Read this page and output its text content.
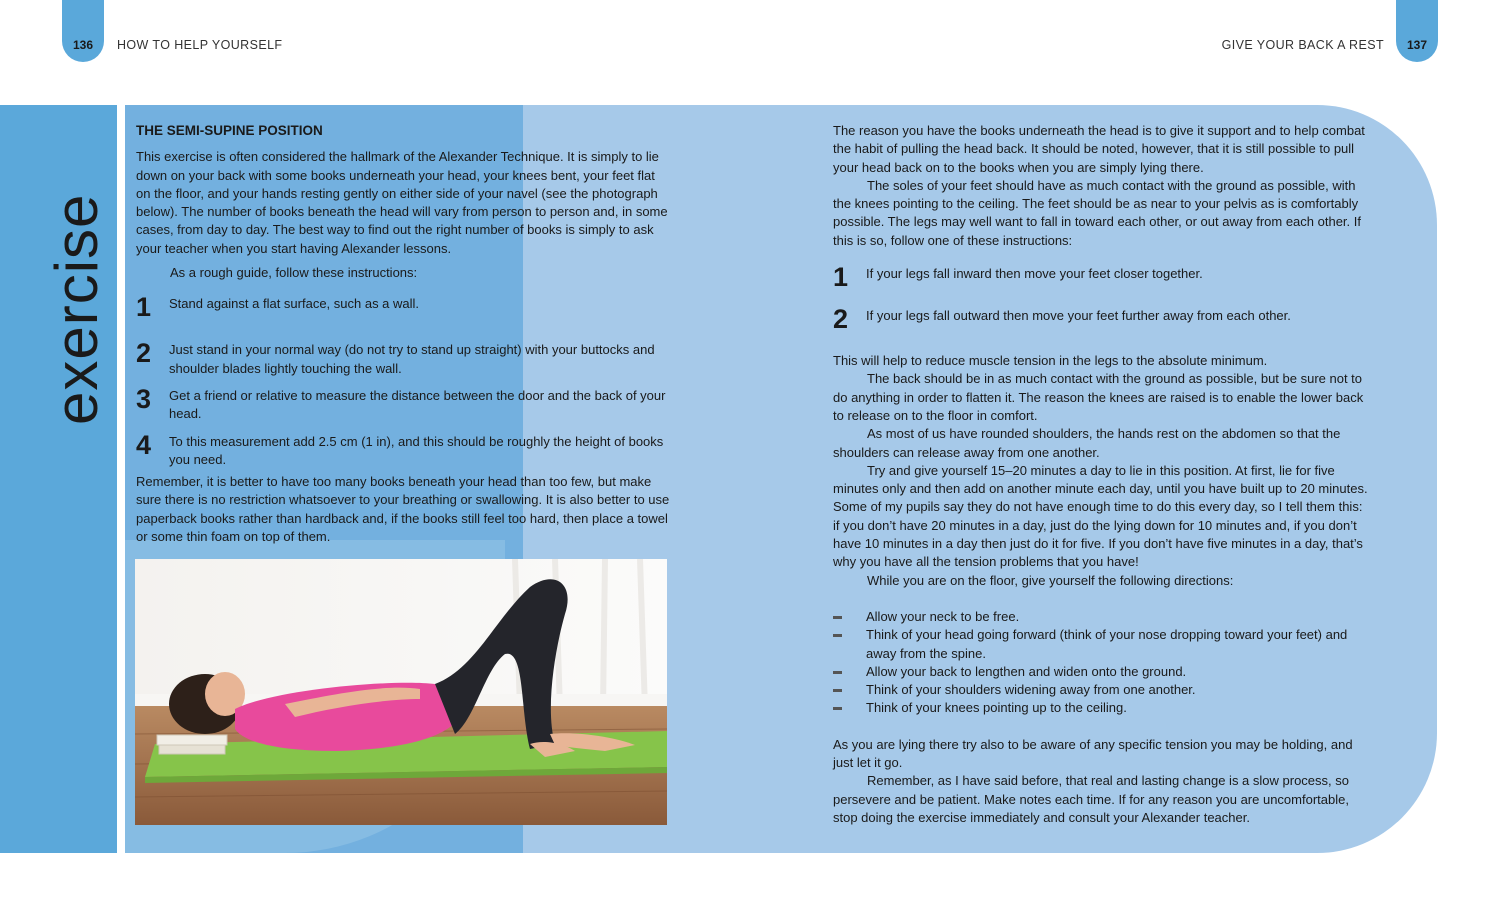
136	HOW TO HELP YOURSELF	GIVE YOUR BACK A REST	137
exercise

THE SEMI-SUPINE POSITION

This exercise is often considered the hallmark of the Alexander Technique. It is simply to lie down on your back with some books underneath your head, your knees bent, your feet flat on the floor, and your hands resting gently on either side of your navel (see the photograph below). The number of books beneath the head will vary from person to person and, in some cases, from day to day. The best way to find out the right number of books is simply to ask your teacher when you start having Alexander lessons.

As a rough guide, follow these instructions:

1 Stand against a flat surface, such as a wall.
2 Just stand in your normal way (do not try to stand up straight) with your buttocks and shoulder blades lightly touching the wall.
3 Get a friend or relative to measure the distance between the door and the back of your head.
4 To this measurement add 2.5 cm (1 in), and this should be roughly the height of books you need.

Remember, it is better to have too many books beneath your head than too few, but make sure there is no restriction whatsoever to your breathing or swallowing. It is also better to use paperback books rather than hardback and, if the books still feel too hard, then place a towel or some thin foam on top of them.

The reason you have the books underneath the head is to give it support and to help combat the habit of pulling the head back. It should be noted, however, that it is still possible to pull your head back on to the books when you are simply lying there.

The soles of your feet should have as much contact with the ground as possible, with the knees pointing to the ceiling. The feet should be as near to your pelvis as is comfortably possible. The legs may well want to fall in toward each other, or out away from each other. If this is so, follow one of these instructions:

1 If your legs fall inward then move your feet closer together.
2 If your legs fall outward then move your feet further away from each other.

This will help to reduce muscle tension in the legs to the absolute minimum.

The back should be in as much contact with the ground as possible, but be sure not to do anything in order to flatten it. The reason the knees are raised is to enable the lower back to release on to the floor in comfort.

As most of us have rounded shoulders, the hands rest on the abdomen so that the shoulders can release away from one another.

Try and give yourself 15–20 minutes a day to lie in this position. At first, lie for five minutes only and then add on another minute each day, until you have built up to 20 minutes. Some of my pupils say they do not have enough time to do this every day, so I tell them this: if you don’t have 20 minutes in a day, just do the lying down for 10 minutes and, if you don’t have 10 minutes in a day then just do it for five. If you don’t have five minutes in a day, that’s why you have all the tension problems that you have!

While you are on the floor, give yourself the following directions:

Allow your neck to be free.
Think of your head going forward (think of your nose dropping toward your feet) and away from the spine.
Allow your back to lengthen and widen onto the ground.
Think of your shoulders widening away from one another.
Think of your knees pointing up to the ceiling.

As you are lying there try also to be aware of any specific tension you may be holding, and just let it go.

Remember, as I have said before, that real and lasting change is a slow process, so persevere and be patient. Make notes each time. If for any reason you are uncomfortable, stop doing the exercise immediately and consult your Alexander teacher.
